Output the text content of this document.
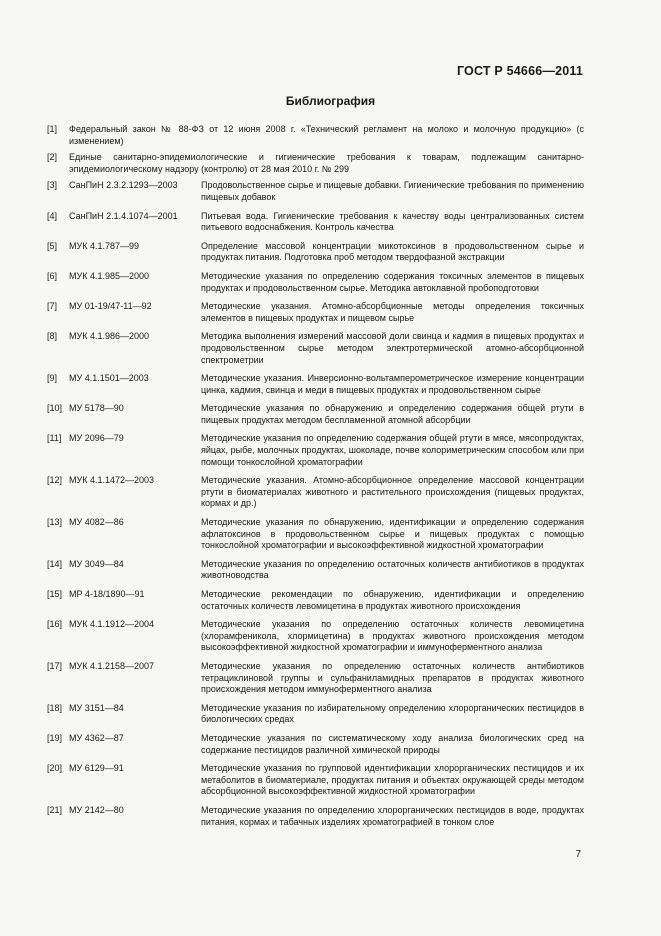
ГОСТ Р 54666—2011
Библиография
[1] Федеральный закон № 88-ФЗ от 12 июня 2008 г. «Технический регламент на молоко и молочную продукцию» (с изменением)
[2] Единые санитарно-эпидемиологические и гигиенические требования к товарам, подлежащим санитарно-эпидемиологическому надзору (контролю) от 28 мая 2010 г. № 299
[3] СанПиН 2.3.2.1293—2003	Продовольственное сырье и пищевые добавки. Гигиенические требования по применению пищевых добавок
[4] СанПиН 2.1.4.1074—2001	Питьевая вода. Гигиенические требования к качеству воды централизованных систем питьевого водоснабжения. Контроль качества
[5] МУК 4.1.787—99	Определение массовой концентрации микотоксинов в продовольственном сырье и продуктах питания. Подготовка проб методом твердофазной экстракции
[6] МУК 4.1.985—2000	Методические указания по определению содержания токсичных элементов в пищевых продуктах и продовольственном сырье. Методика автоклавной пробоподготовки
[7] МУ 01-19/47-11—92	Методические указания. Атомно-абсорбционные методы определения токсичных элементов в пищевых продуктах и пищевом сырье
[8] МУК 4.1.986—2000	Методика выполнения измерений массовой доли свинца и кадмия в пищевых продуктах и продовольственном сырье методом электротермической атомно-абсорбционной спектрометрии
[9] МУ 4.1.1501—2003	Методические указания. Инверсионно-вольтамперометрическое измерение концентрации цинка, кадмия, свинца и меди в пищевых продуктах и продовольственном сырье
[10] МУ 5178—90	Методические указания по обнаружению и определению содержания общей ртути в пищевых продуктах методом беспламенной атомной абсорбции
[11] МУ 2096—79	Методические указания по определению содержания общей ртути в мясе, мясопродуктах, яйцах, рыбе, молочных продуктах, шоколаде, почве колориметрическим способом или при помощи тонкослойной хроматографии
[12] МУК 4.1.1472—2003	Методические указания. Атомно-абсорбционное определение массовой концентрации ртути в биоматериалах животного и растительного происхождения (пищевых продуктах, кормах и др.)
[13] МУ 4082—86	Методические указания по обнаружению, идентификации и определению содержания афлатоксинов в продовольственном сырье и пищевых продуктах с помощью тонкослойной хроматографии и высокоэффективной жидкостной хроматографии
[14] МУ 3049—84	Методические указания по определению остаточных количеств антибиотиков в продуктах животноводства
[15] МР 4-18/1890—91	Методические рекомендации по обнаружению, идентификации и определению остаточных количеств левомицетина в продуктах животного происхождения
[16] МУК 4.1.1912—2004	Методические указания по определению остаточных количеств левомицетина (хлорамфеникола, хлормицетина) в продуктах животного происхождения методом высокоэффективной жидкостной хроматографии и иммуноферментного анализа
[17] МУК 4.1.2158—2007	Методические указания по определению остаточных количеств антибиотиков тетрациклиновой группы и сульфаниламидных препаратов в продуктах животного происхождения методом иммуноферментного анализа
[18] МУ 3151—84	Методические указания по избирательному определению хлорорганических пестицидов в биологических средах
[19] МУ 4362—87	Методические указания по систематическому ходу анализа биологических сред на содержание пестицидов различной химической природы
[20] МУ 6129—91	Методические указания по групповой идентификации хлорорганических пестицидов и их метаболитов в биоматериале, продуктах питания и объектах окружающей среды методом абсорбционной высокоэффективной жидкостной хроматографии
[21] МУ 2142—80	Методические указания по определению хлорорганических пестицидов в воде, продуктах питания, кормах и табачных изделиях хроматографией в тонком слое
7
